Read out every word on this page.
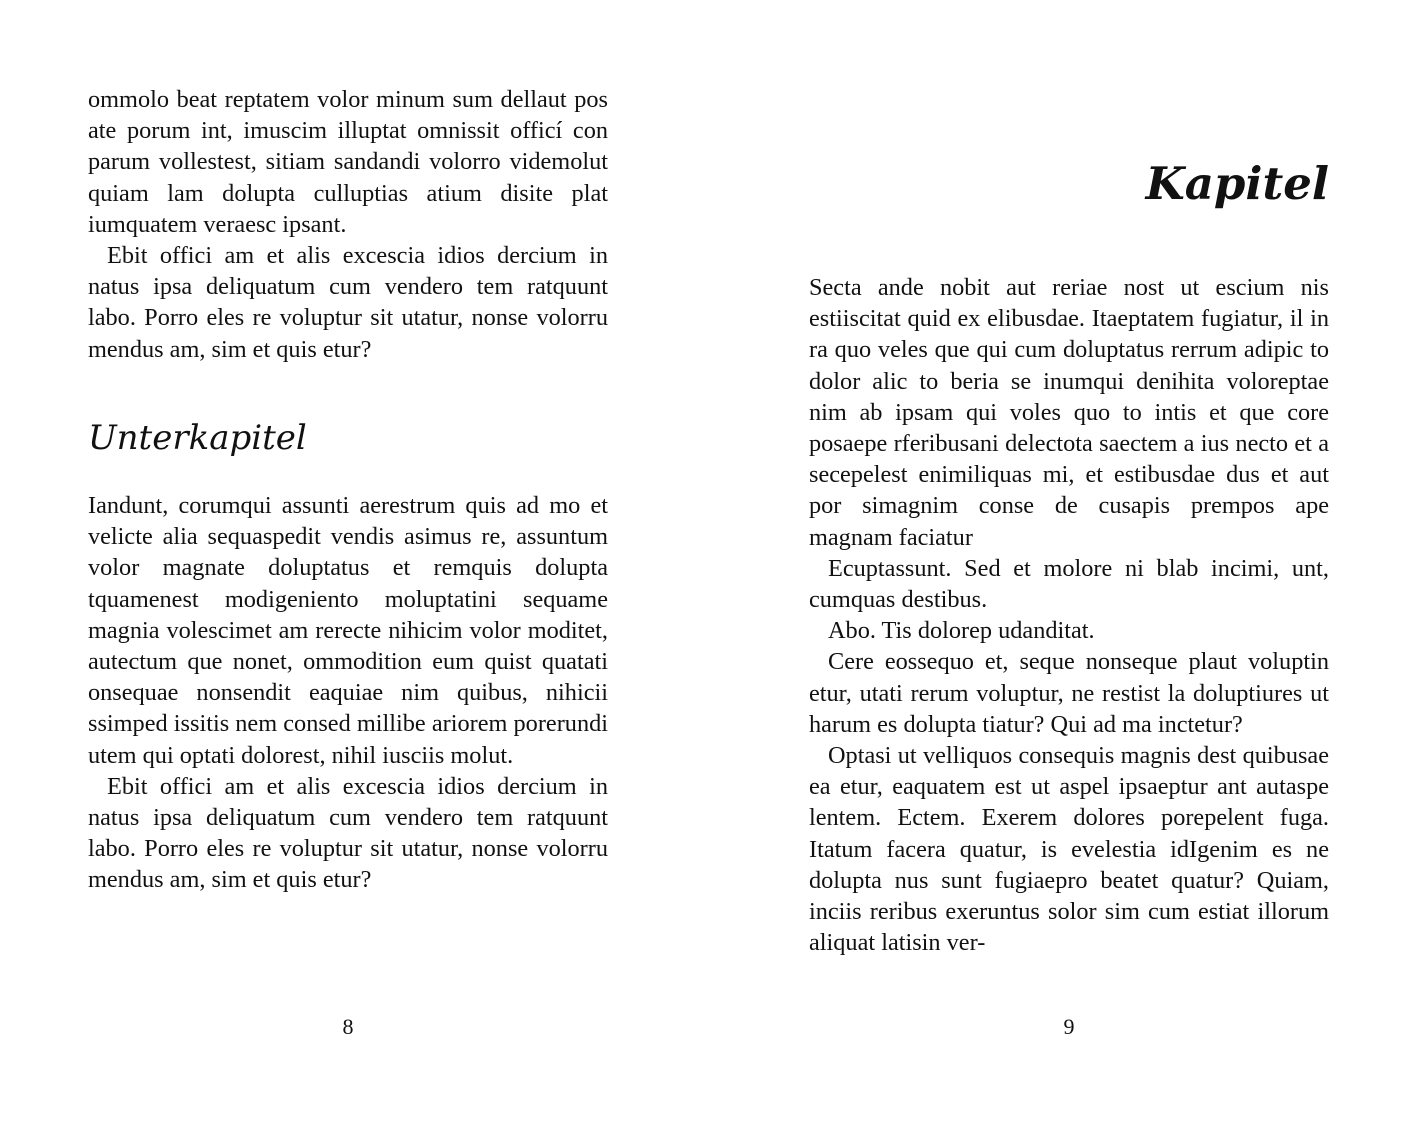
ommolo beat reptatem volor minum sum dellaut pos ate porum int, imuscim illuptat omnissit officí con parum vollestest, sitiam sandandi volorro videmolut quiam lam dolupta culluptias atium disite plat iumquatem veraesc ipsant.

Ebit offici am et alis excescia idios dercium in natus ipsa deliquatum cum vendero tem ratquunt labo. Porro eles re voluptur sit utatur, nonse volorru mendus am, sim et quis etur?

Unterkapitel

Iandunt, corumqui assunti aerestrum quis ad mo et velicte alia sequaspedit vendis asimus re, assuntum volor magnate doluptatus et remquis dolupta tquamenest modigeniento moluptatini sequame magnia volescimet am rerecte nihicim volor moditet, autectum que nonet, ommodition eum quist quatati onsequae nonsendit eaquiae nim quibus, nihicii ssimped issitis nem consed millibe ariorem porerundi utem qui optati dolorest, nihil iusciis molut.

Ebit offici am et alis excescia idios dercium in natus ipsa deliquatum cum vendero tem ratquunt labo. Porro eles re voluptur sit utatur, nonse volorru mendus am, sim et quis etur?

8
Kapitel

Secta ande nobit aut reriae nost ut escium nis estiiscitat quid ex elibusdae. Itaeptatem fugiatur, il in ra quo veles que qui cum doluptatus rerrum adipic to dolor alic to beria se inumqui denihita voloreptae nim ab ipsam qui voles quo to intis et que core posaepe rferibusani delectota saectem a ius necto et a secepelest enimiliquas mi, et estibusdae dus et aut por simagnim conse de cusapis prempos ape magnam faciatur

Ecuptassunt. Sed et molore ni blab incimi, unt, cumquas destibus.

Abo. Tis dolorep udanditat.

Cere eossequo et, seque nonseque plaut voluptin etur, utati rerum voluptur, ne restist la doluptiures ut harum es dolupta tiatur? Qui ad ma inctetur?

Optasi ut velliquos consequis magnis dest quibusae ea etur, eaquatem est ut aspel ipsaeptur ant autaspe lentem. Ectem. Exerem dolores porepelent fuga. Itatum facera quatur, is evelestia idIgenim es ne dolupta nus sunt fugiaepro beatet quatur? Quiam, inciis reribus exeruntus solor sim cum estiat illorum aliquat latisin ver-

9
